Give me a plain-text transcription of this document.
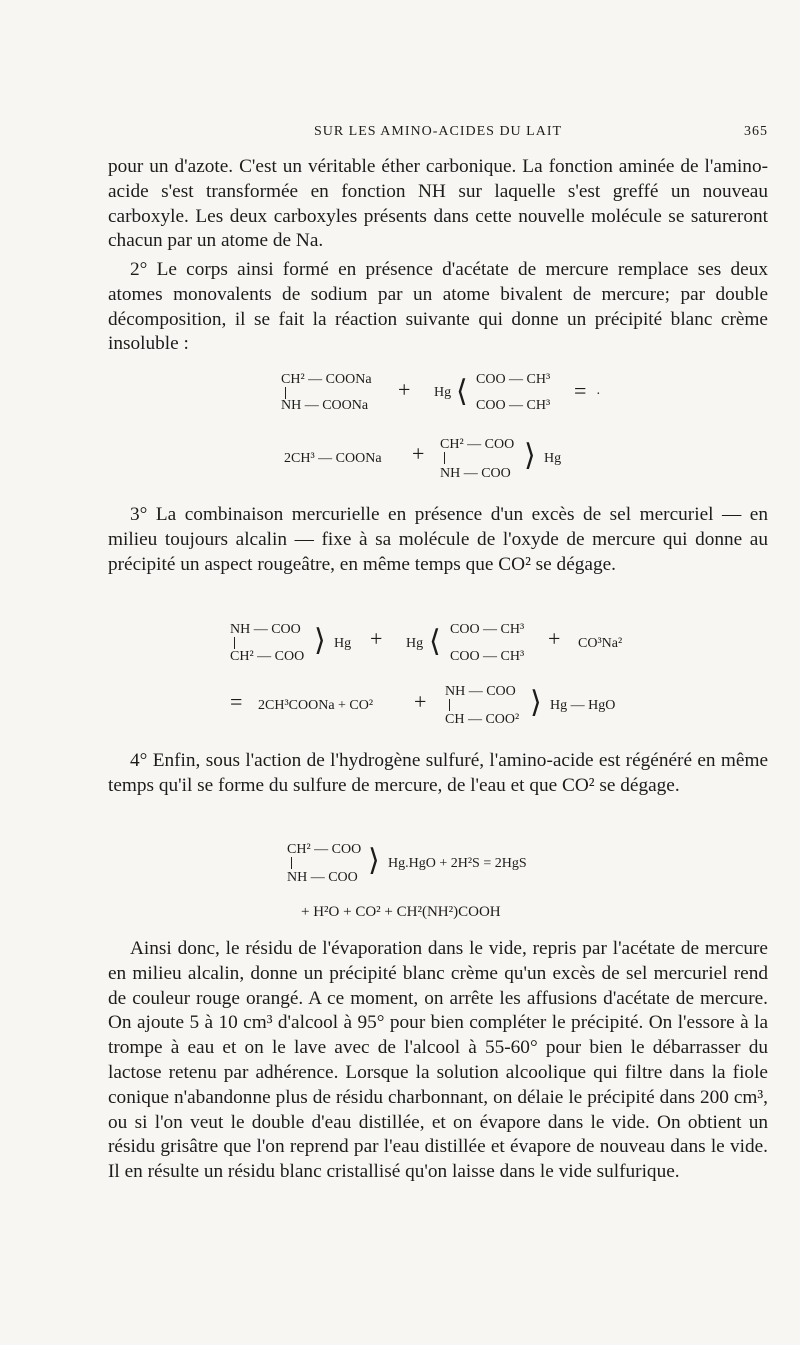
SUR LES AMINO-ACIDES DU LAIT	365

pour un d'azote. C'est un véritable éther carbonique. La fonction aminée de l'amino-acide s'est transformée en fonction NH sur laquelle s'est greffé un nouveau carboxyle. Les deux carboxyles présents dans cette nouvelle molécule se satureront chacun par un atome de Na.

2° Le corps ainsi formé en présence d'acétate de mercure remplace ses deux atomes monovalents de sodium par un atome bivalent de mercure; par double décomposition, il se fait la réaction suivante qui donne un précipité blanc crème insoluble :

CH² — COONa
NH — COONa
+ Hg ⟨ COO — CH³
COO — CH³
= ·
CH² — COO
2CH³ — COONa +
NH — COO
⟩ Hg

3° La combinaison mercurielle en présence d'un excès de sel mercuriel — en milieu toujours alcalin — fixe à sa molécule de l'oxyde de mercure qui donne au précipité un aspect rougeâtre, en même temps que CO² se dégage.

NH — COO
CH² — COO ⟩ Hg + Hg ⟨ COO — CH³
COO — CH³
+ CO³Na²
NH — COO
= 2CH³COONa + CO² +
CH — COO² ⟩ Hg — HgO

4° Enfin, sous l'action de l'hydrogène sulfuré, l'amino-acide est régénéré en même temps qu'il se forme du sulfure de mercure, de l'eau et que CO² se dégage.

CH² — COO
NH — COO ⟩ Hg.HgO + 2H²S = 2HgS
+ H²O + CO² + CH²(NH²)COOH

Ainsi donc, le résidu de l'évaporation dans le vide, repris par l'acétate de mercure en milieu alcalin, donne un précipité blanc crème qu'un excès de sel mercuriel rend de couleur rouge orangé. A ce moment, on arrête les affusions d'acétate de mercure. On ajoute 5 à 10 cm³ d'alcool à 95° pour bien compléter le précipité. On l'essore à la trompe à eau et on le lave avec de l'alcool à 55-60° pour bien le débarrasser du lactose retenu par adhérence. Lorsque la solution alcoolique qui filtre dans la fiole conique n'abandonne plus de résidu charbonnant, on délaie le précipité dans 200 cm³, ou si l'on veut le double d'eau distillée, et on évapore dans le vide. On obtient un résidu grisâtre que l'on reprend par l'eau distillée et évapore de nouveau dans le vide. Il en résulte un résidu blanc cristallisé qu'on laisse dans le vide sulfurique.
